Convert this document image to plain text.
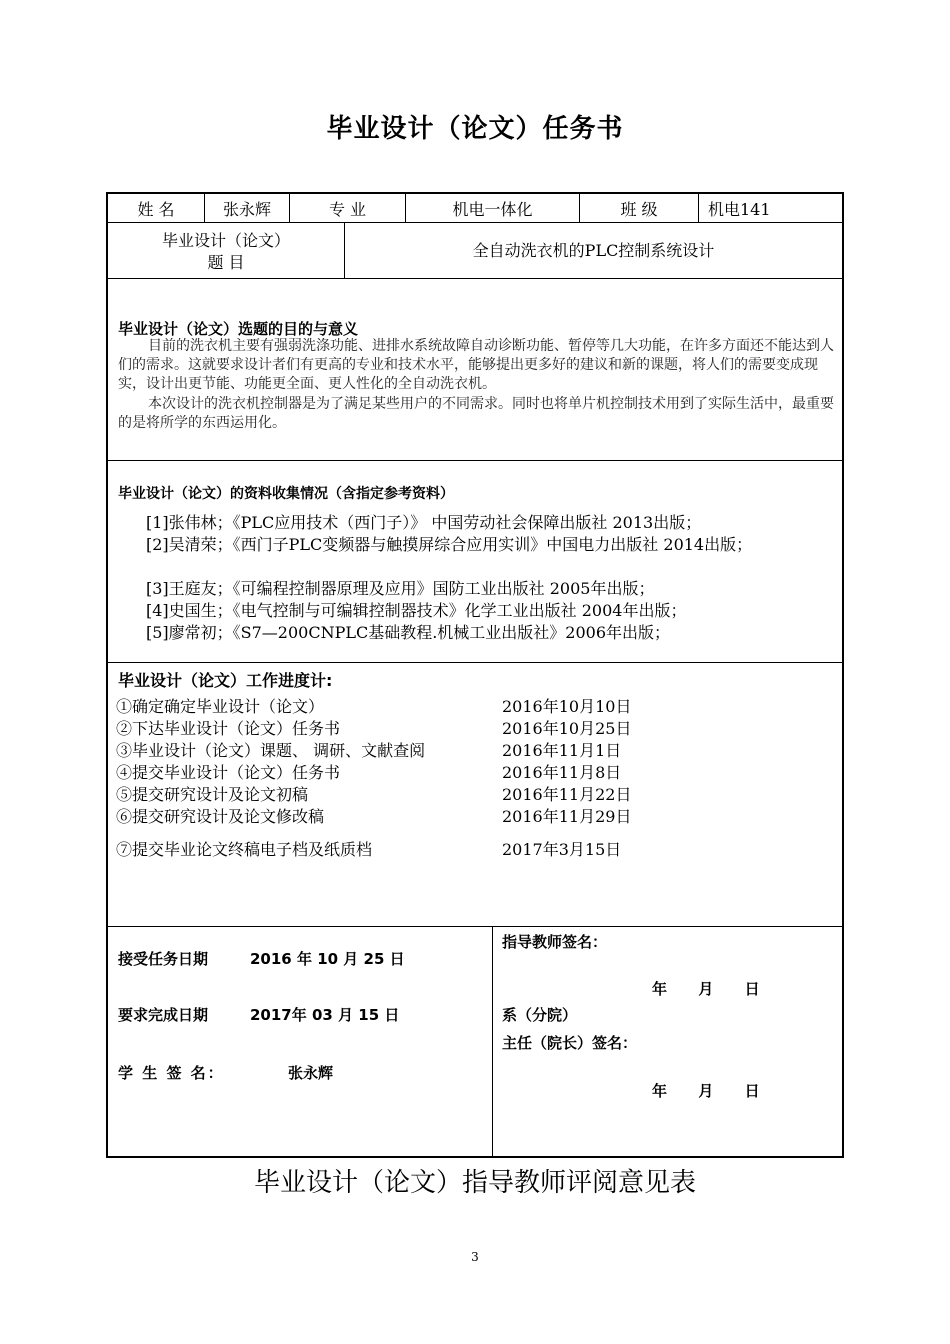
毕业设计（论文）任务书
姓 名	张永辉	专 业	机电一体化	班 级	机电141
毕业设计（论文）
题 目
全自动洗衣机的PLC控制系统设计
毕业设计（论文）选题的目的与意义
目前的洗衣机主要有强弱洗涤功能、进排水系统故障自动诊断功能、暂停等几大功能，在许多方面还不能达到人们的需求。这就要求设计者们有更高的专业和技术水平，能够提出更多好的建议和新的课题，将人们的需要变成现实，设计出更节能、功能更全面、更人性化的全自动洗衣机。
本次设计的洗衣机控制器是为了满足某些用户的不同需求。同时也将单片机控制技术用到了实际生活中，最重要的是将所学的东西运用化。
毕业设计（论文）的资料收集情况（含指定参考资料）
[1]张伟林；《PLC应用技术（西门子）》 中国劳动社会保障出版社 2013出版；
[2]吴清荣；《西门子PLC变频器与触摸屏综合应用实训》中国电力出版社 2014出版；
[3]王庭友；《可编程控制器原理及应用》国防工业出版社 2005年出版；
[4]史国生；《电气控制与可编辑控制器技术》化学工业出版社 2004年出版；
[5]廖常初；《S7—200CNPLC基础教程.机械工业出版社》2006年出版；
毕业设计（论文）工作进度计:
①确定确定毕业设计（论文）	2016年10月10日
②下达毕业设计（论文）任务书	2016年10月25日
③毕业设计（论文）课题、 调研、文献查阅	2016年11月1日
④提交毕业设计（论文）任务书	2016年11月8日
⑤提交研究设计及论文初稿	2016年11月22日
⑥提交研究设计及论文修改稿	2016年11月29日
⑦提交毕业论文终稿电子档及纸质档	2017年3月15日
接受任务日期	2016 年 10 月 25 日
要求完成日期	2017年 03 月 15 日
学 生 签 名：	张永辉
指导教师签名：
年      月      日
系（分院）
主任（院长）签名：
年      月      日
毕业设计（论文）指导教师评阅意见表
3
